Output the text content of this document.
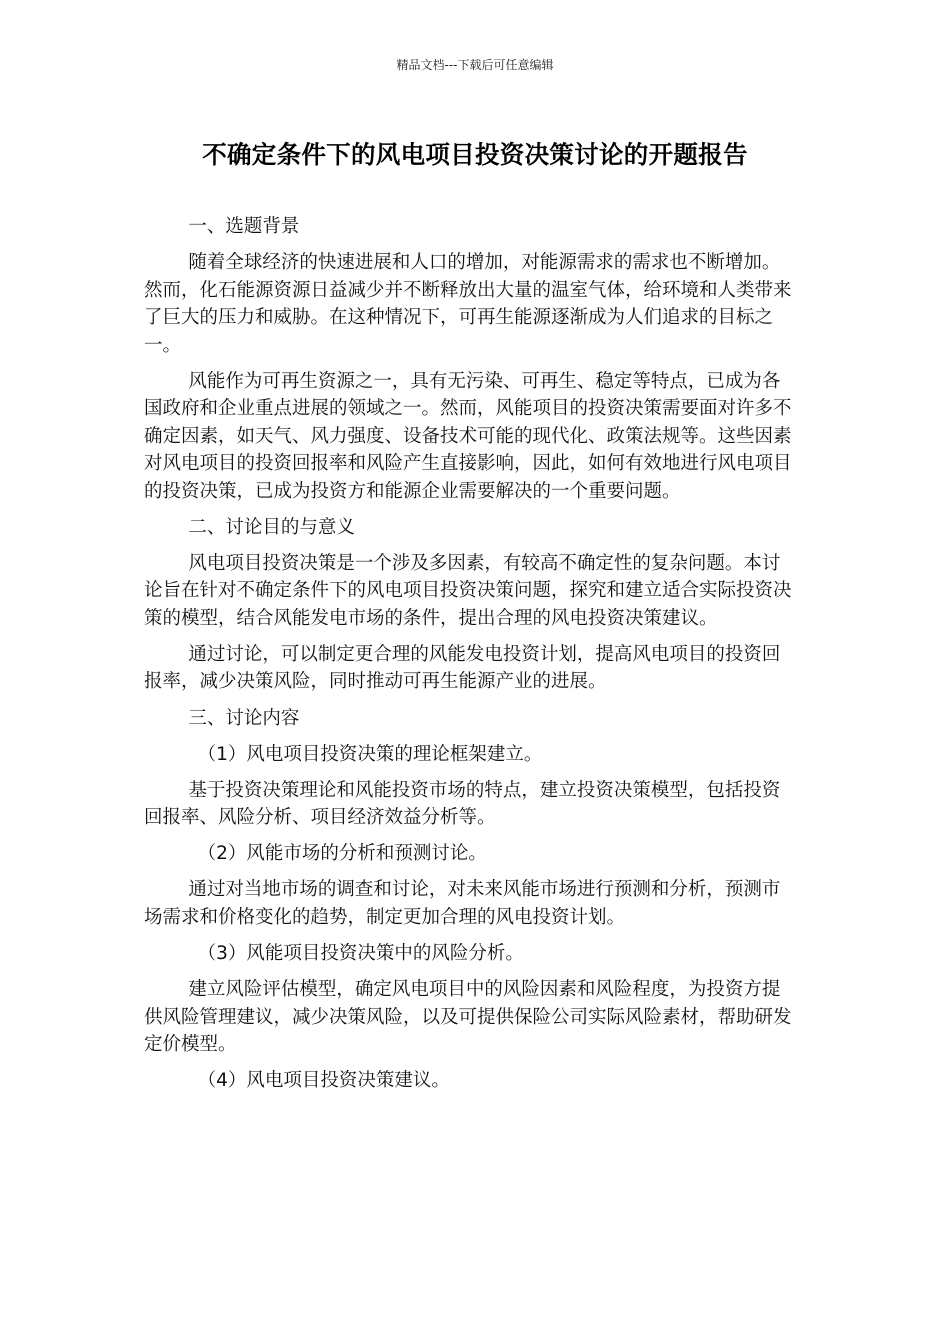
精品文档---下载后可任意编辑
不确定条件下的风电项目投资决策讨论的开题报告

一、选题背景

随着全球经济的快速进展和人口的增加，对能源需求的需求也不断增加。然而，化石能源资源日益减少并不断释放出大量的温室气体，给环境和人类带来了巨大的压力和威胁。在这种情况下，可再生能源逐渐成为人们追求的目标之一。

风能作为可再生资源之一，具有无污染、可再生、稳定等特点，已成为各国政府和企业重点进展的领域之一。然而，风能项目的投资决策需要面对许多不确定因素，如天气、风力强度、设备技术可能的现代化、政策法规等。这些因素对风电项目的投资回报率和风险产生直接影响，因此，如何有效地进行风电项目的投资决策，已成为投资方和能源企业需要解决的一个重要问题。

二、讨论目的与意义

风电项目投资决策是一个涉及多因素，有较高不确定性的复杂问题。本讨论旨在针对不确定条件下的风电项目投资决策问题，探究和建立适合实际投资决策的模型，结合风能发电市场的条件，提出合理的风电投资决策建议。

通过讨论，可以制定更合理的风能发电投资计划，提高风电项目的投资回报率，减少决策风险，同时推动可再生能源产业的进展。

三、讨论内容

（1）风电项目投资决策的理论框架建立。

基于投资决策理论和风能投资市场的特点，建立投资决策模型，包括投资回报率、风险分析、项目经济效益分析等。

（2）风能市场的分析和预测讨论。

通过对当地市场的调查和讨论，对未来风能市场进行预测和分析，预测市场需求和价格变化的趋势，制定更加合理的风电投资计划。

（3）风能项目投资决策中的风险分析。

建立风险评估模型，确定风电项目中的风险因素和风险程度，为投资方提供风险管理建议，减少决策风险，以及可提供保险公司实际风险素材，帮助研发定价模型。

（4）风电项目投资决策建议。
